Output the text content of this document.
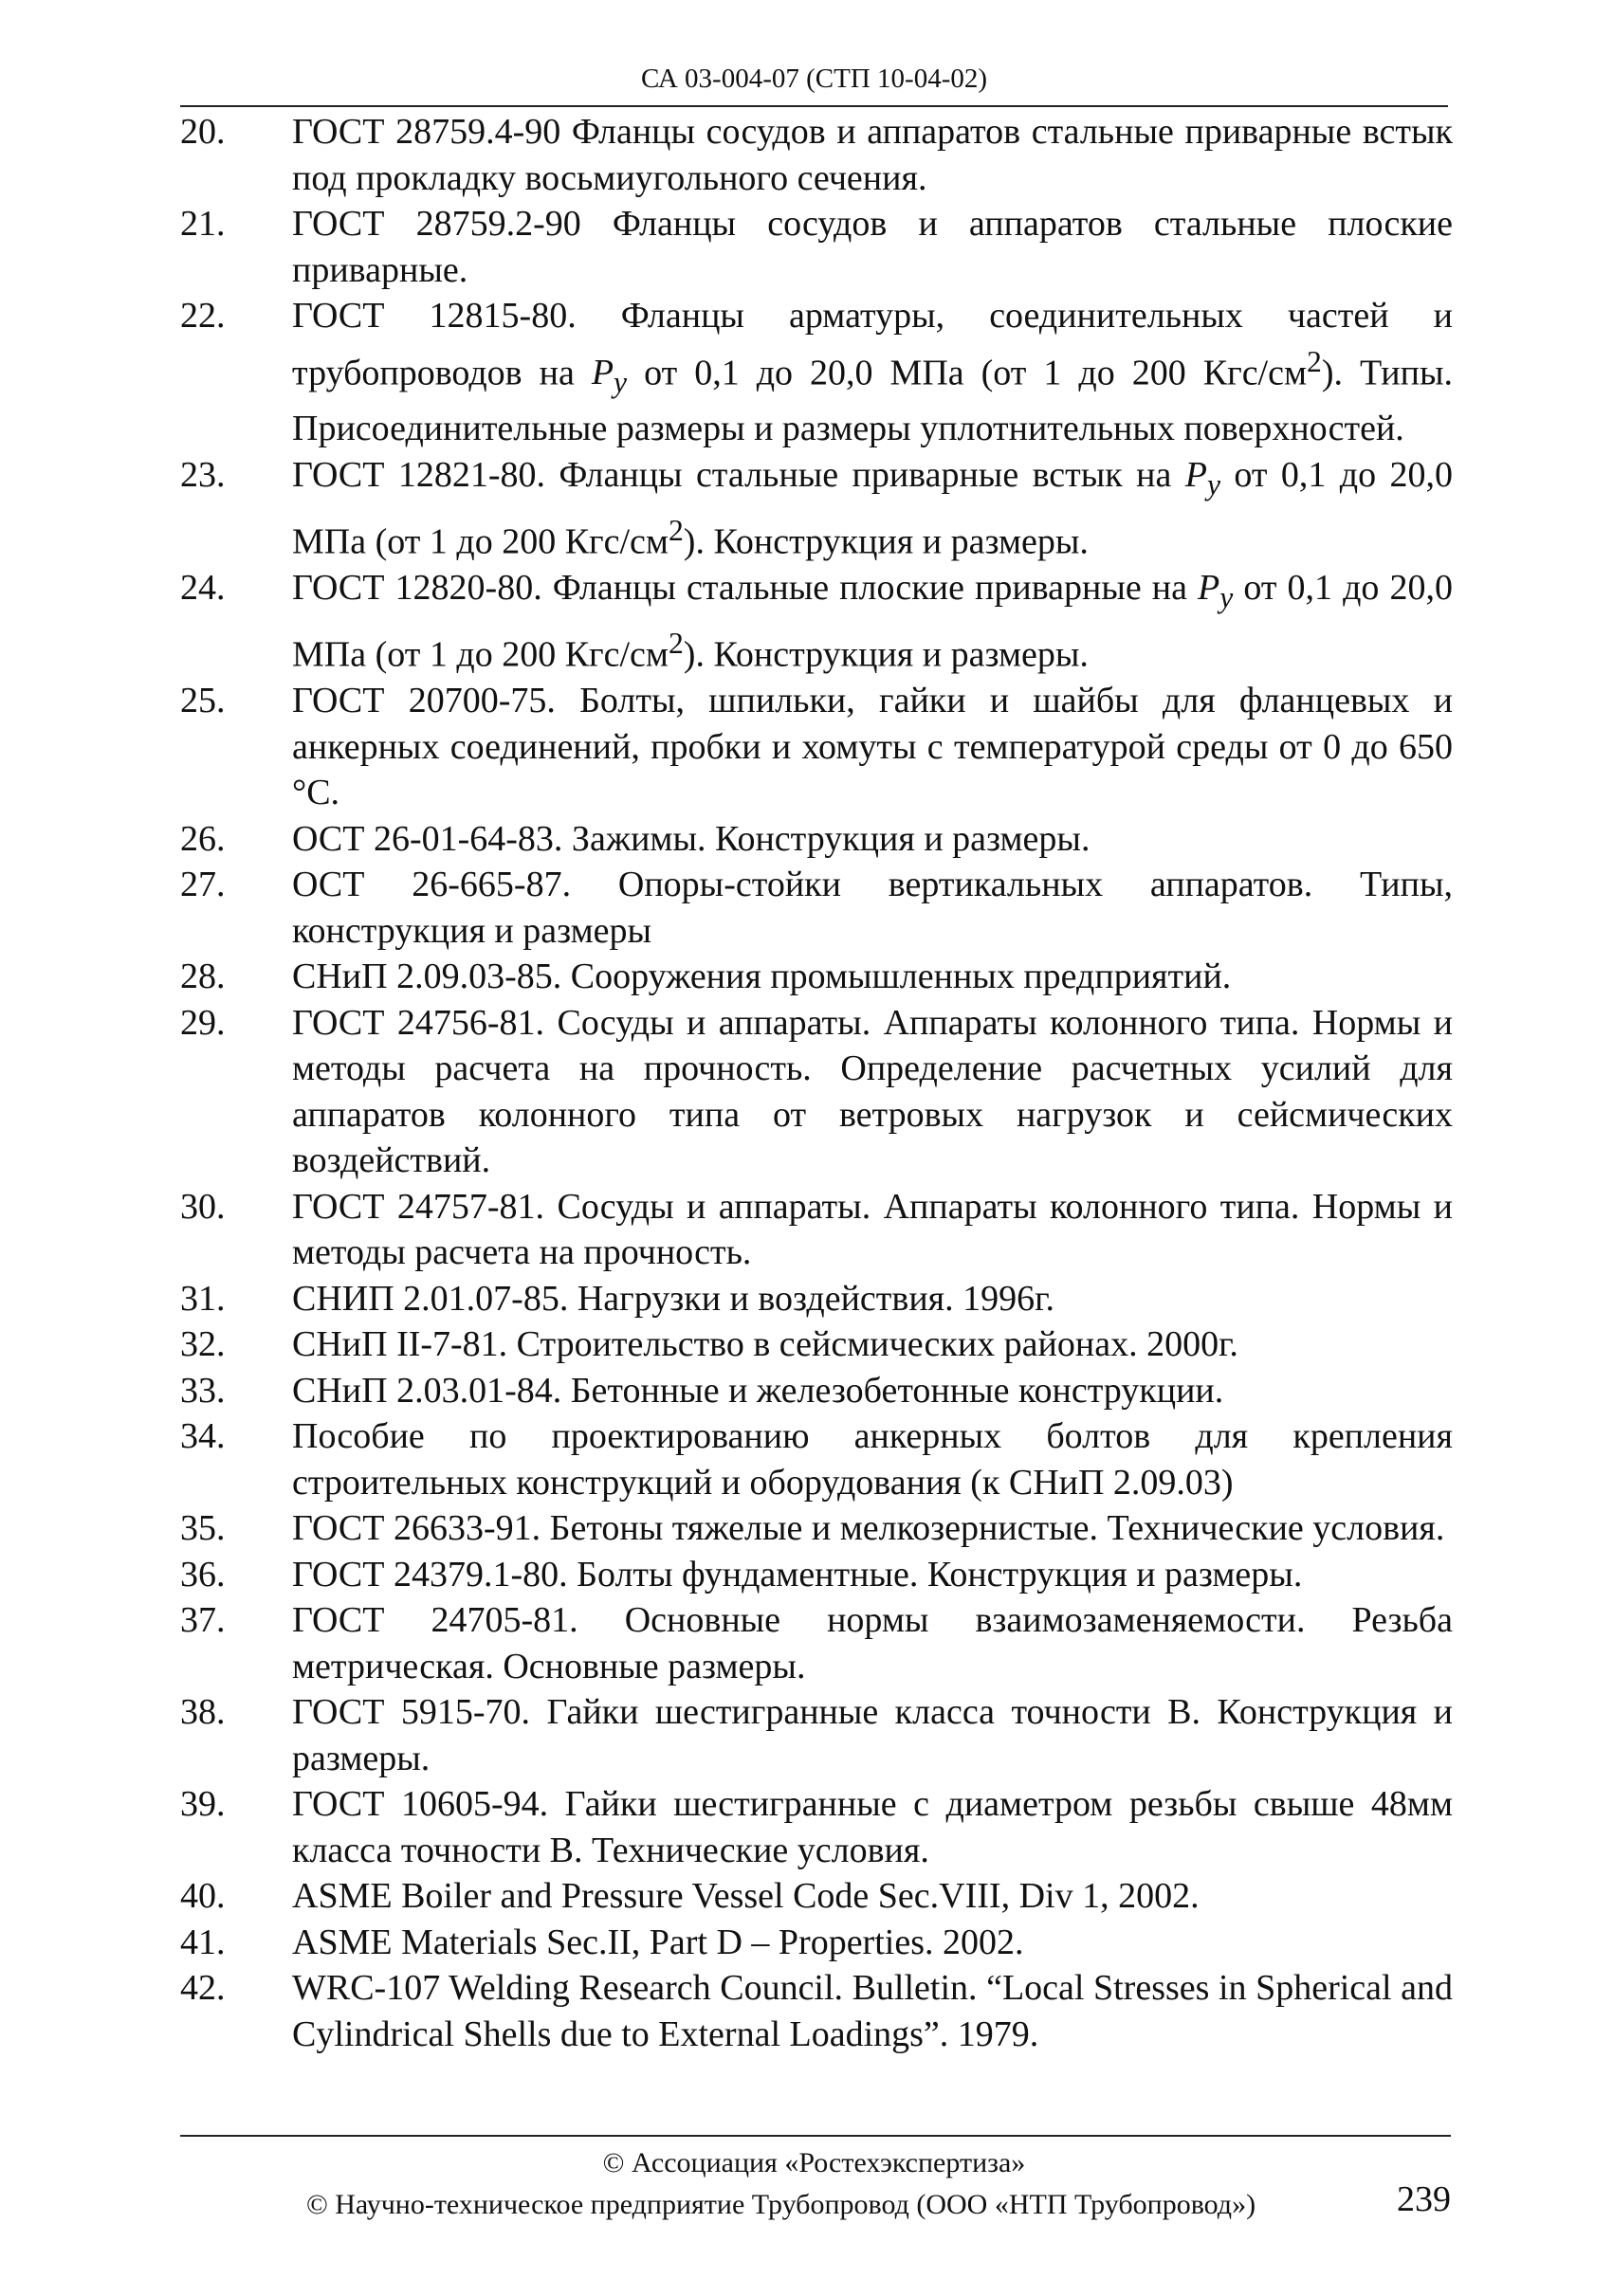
СА 03-004-07 (СТП 10-04-02)
20.	ГОСТ 28759.4-90 Фланцы сосудов и аппаратов стальные приварные встык под прокладку восьмиугольного сечения.
21.	ГОСТ 28759.2-90 Фланцы сосудов и аппаратов стальные плоские приварные.
22.	ГОСТ 12815-80. Фланцы арматуры, соединительных частей и трубопроводов на $P_y$ от 0,1 до 20,0 МПа (от 1 до 200 Кгс/$см^2$). Типы. Присоединительные размеры и размеры уплотнительных поверхностей.
23.	ГОСТ 12821-80. Фланцы стальные приварные встык на $P_y$ от 0,1 до 20,0 МПа (от 1 до 200 Кгс/$см^2$). Конструкция и размеры.
24.	ГОСТ 12820-80. Фланцы стальные плоские приварные на $P_y$ от 0,1 до 20,0 МПа (от 1 до 200 Кгс/$см^2$). Конструкция и размеры.
25.	ГОСТ 20700-75. Болты, шпильки, гайки и шайбы для фланцевых и анкерных соединений, пробки и хомуты с температурой среды от 0 до 650 °С.
26.	ОСТ 26-01-64-83. Зажимы. Конструкция и размеры.
27.	ОСТ 26-665-87. Опоры-стойки вертикальных аппаратов. Типы, конструкция и размеры
28.	СНиП 2.09.03-85. Сооружения промышленных предприятий.
29.	ГОСТ 24756-81. Сосуды и аппараты. Аппараты колонного типа. Нормы и методы расчета на прочность. Определение расчетных усилий для аппаратов колонного типа от ветровых нагрузок и сейсмических воздействий.
30.	ГОСТ 24757-81. Сосуды и аппараты. Аппараты колонного типа. Нормы и методы расчета на прочность.
31.	СНИП 2.01.07-85. Нагрузки и воздействия. 1996г.
32.	СНиП II-7-81. Строительство в сейсмических районах. 2000г.
33.	СНиП 2.03.01-84. Бетонные и железобетонные конструкции.
34.	Пособие по проектированию анкерных болтов для крепления строительных конструкций и оборудования (к СНиП 2.09.03)
35.	ГОСТ 26633-91. Бетоны тяжелые и мелкозернистые. Технические условия.
36.	ГОСТ 24379.1-80. Болты фундаментные. Конструкция и размеры.
37.	ГОСТ 24705-81. Основные нормы взаимозаменяемости. Резьба метрическая. Основные размеры.
38.	ГОСТ 5915-70. Гайки шестигранные класса точности В. Конструкция и размеры.
39.	ГОСТ 10605-94. Гайки шестигранные с диаметром резьбы свыше 48мм класса точности В. Технические условия.
40.	ASME Boiler and Pressure Vessel Code Sec.VIII, Div 1, 2002.
41.	ASME Materials Sec.II, Part D – Properties. 2002.
42.	WRC-107 Welding Research Council. Bulletin. “Local Stresses in Spherical and Cylindrical Shells due to External Loadings”. 1979.
© Ассоциация «Ростехэкспертиза»
© Научно-техническое предприятие Трубопровод (ООО «НТП Трубопровод»)	239
